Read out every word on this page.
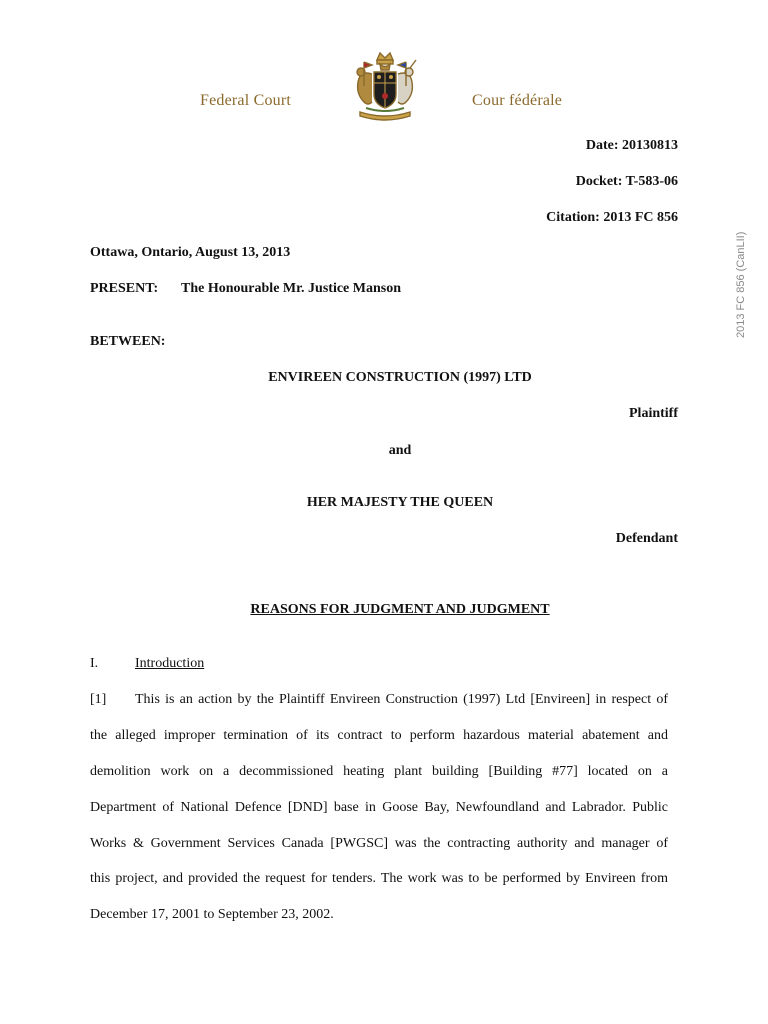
Federal Court	Cour fédérale
Date: 20130813
Docket: T-583-06
Citation: 2013 FC 856
2013 FC 856 (CanLII)
Ottawa, Ontario, August 13, 2013
PRESENT: The Honourable Mr. Justice Manson
BETWEEN:
ENVIREEN CONSTRUCTION (1997) LTD
Plaintiff
and
HER MAJESTY THE QUEEN
Defendant
REASONS FOR JUDGMENT AND JUDGMENT
I.	Introduction
[1] This is an action by the Plaintiff Envireen Construction (1997) Ltd [Envireen] in respect of
the alleged improper termination of its contract to perform hazardous material abatement and
demolition work on a decommissioned heating plant building [Building #77] located on a
Department of National Defence [DND] base in Goose Bay, Newfoundland and Labrador. Public
Works & Government Services Canada [PWGSC] was the contracting authority and manager of
this project, and provided the request for tenders. The work was to be performed by Envireen from
December 17, 2001 to September 23, 2002.
